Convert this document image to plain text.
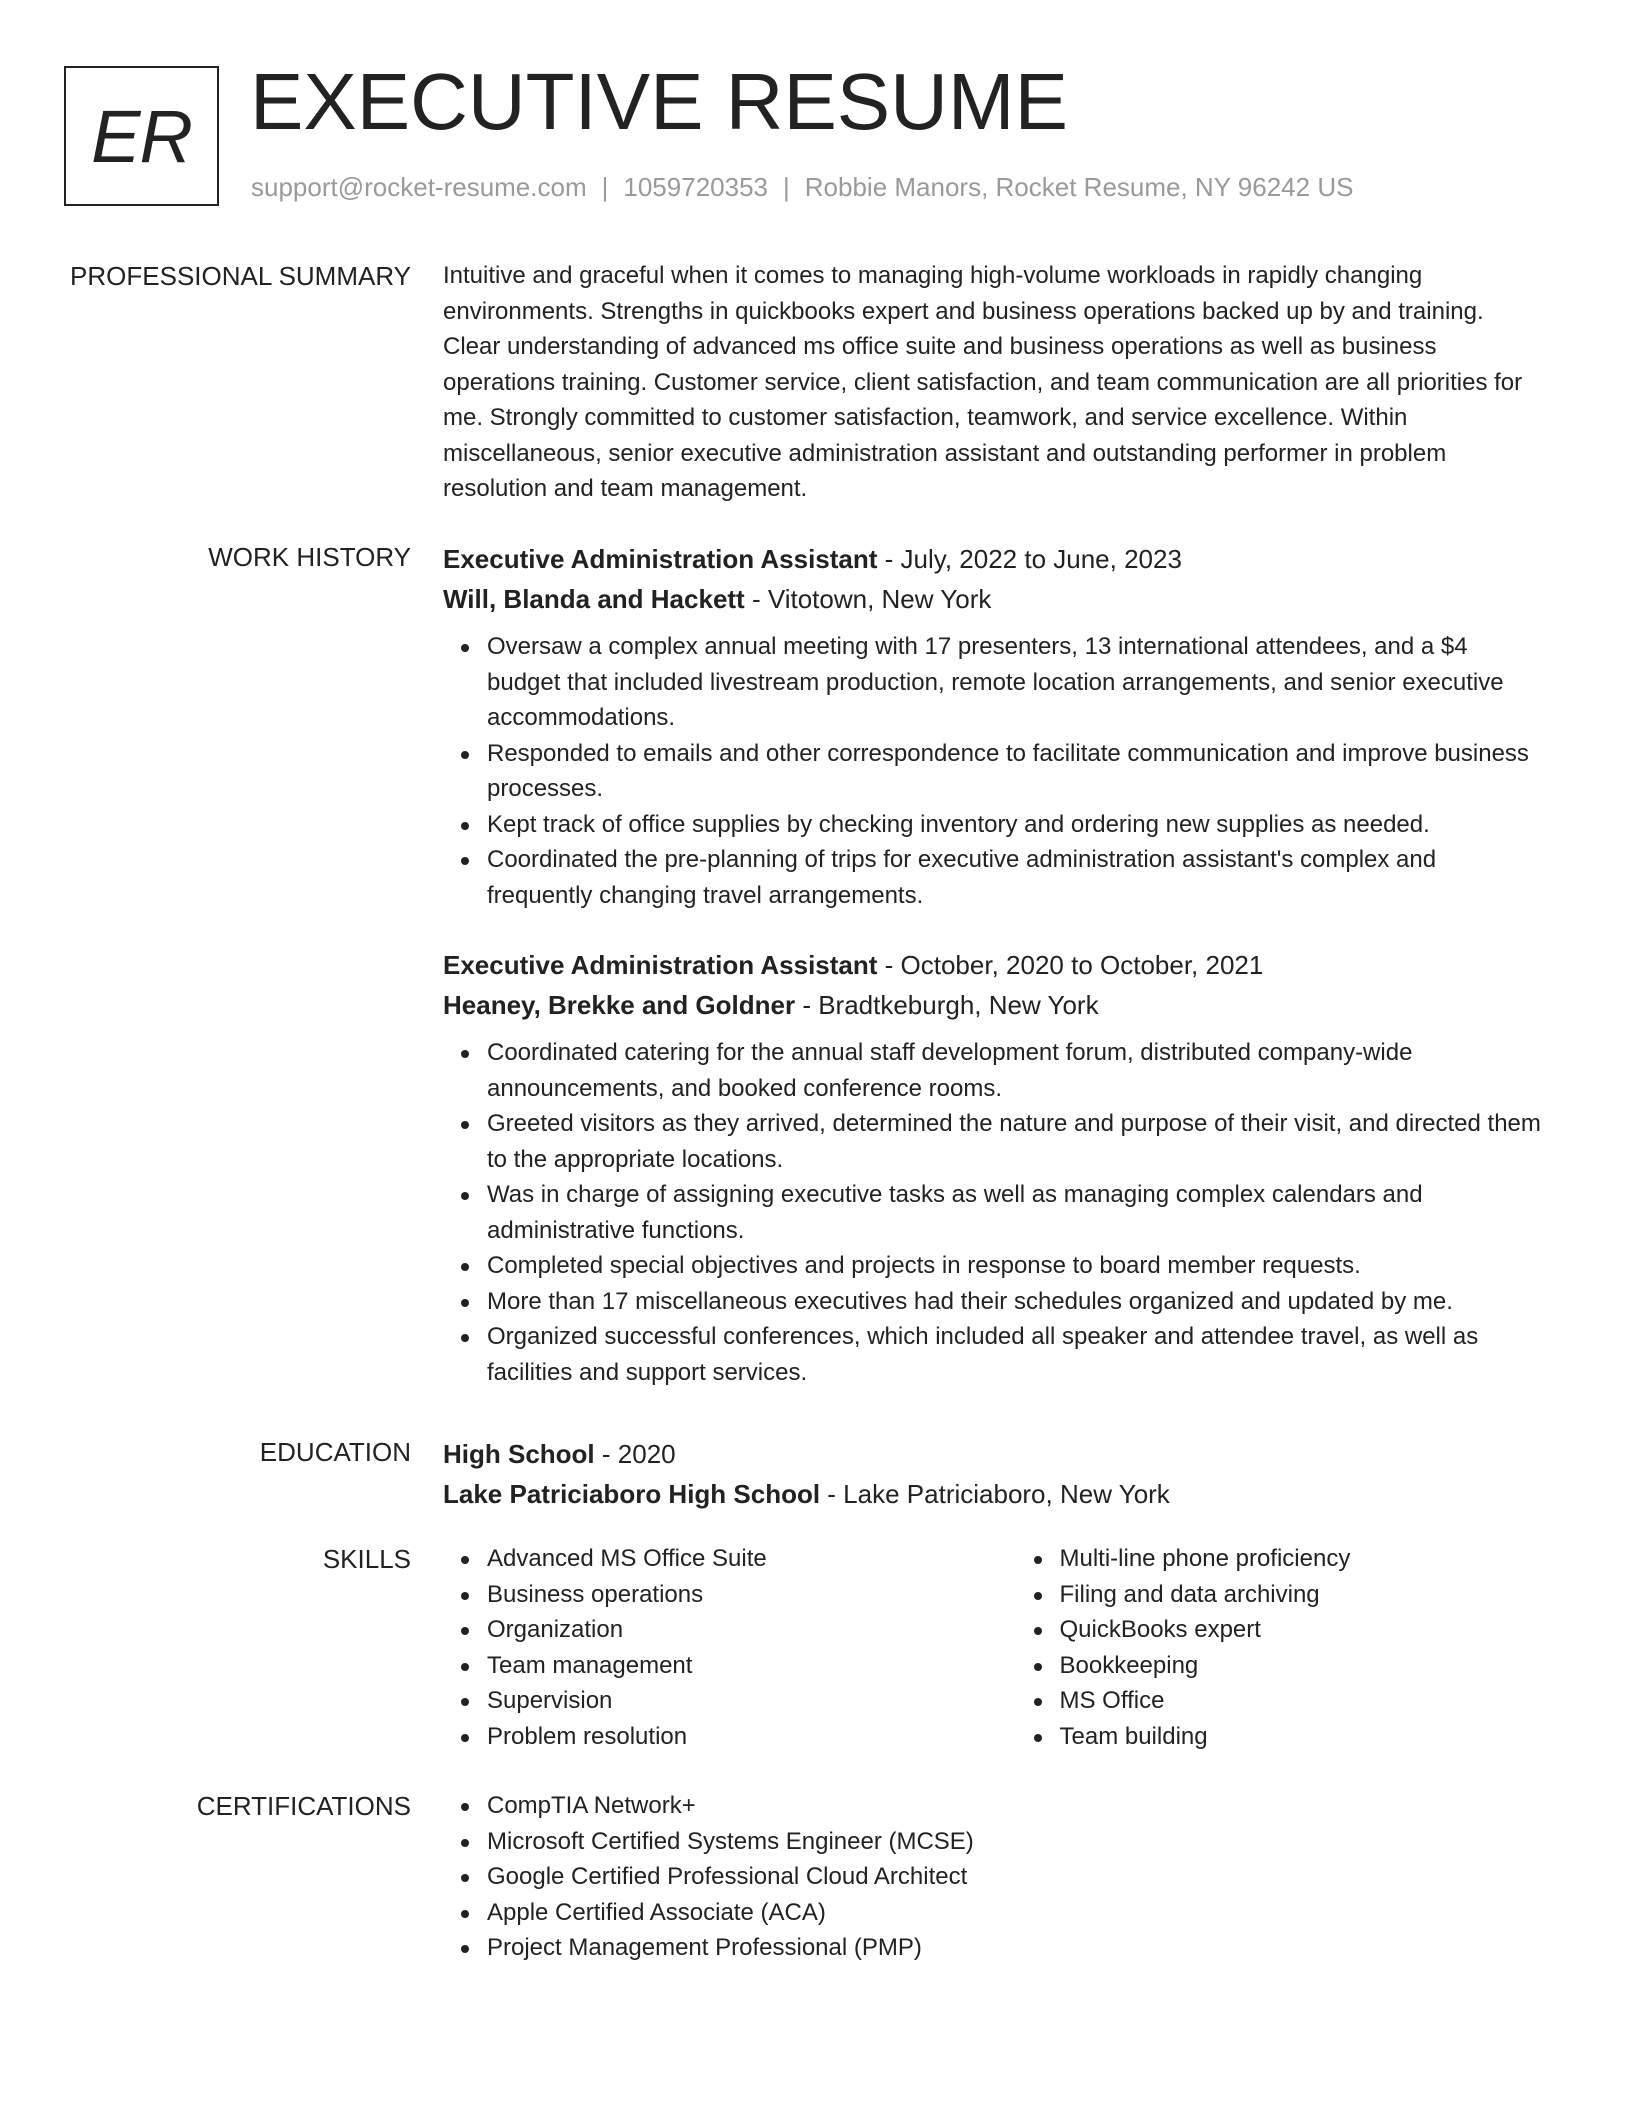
ER EXECUTIVE RESUME
support@rocket-resume.com | 1059720353 | Robbie Manors, Rocket Resume, NY 96242 US
PROFESSIONAL SUMMARY Intuitive and graceful when it comes to managing high-volume workloads in rapidly changing environments. Strengths in quickbooks expert and business operations backed up by and training. Clear understanding of advanced ms office suite and business operations as well as business operations training. Customer service, client satisfaction, and team communication are all priorities for me. Strongly committed to customer satisfaction, teamwork, and service excellence. Within miscellaneous, senior executive administration assistant and outstanding performer in problem resolution and team management.

WORK HISTORY Executive Administration Assistant - July, 2022 to June, 2023
Will, Blanda and Hackett - Vitotown, New York
Oversaw a complex annual meeting with 17 presenters, 13 international attendees, and a $4 budget that included livestream production, remote location arrangements, and senior executive accommodations.
Responded to emails and other correspondence to facilitate communication and improve business processes.
Kept track of office supplies by checking inventory and ordering new supplies as needed.
Coordinated the pre-planning of trips for executive administration assistant's complex and frequently changing travel arrangements.
Executive Administration Assistant - October, 2020 to October, 2021
Heaney, Brekke and Goldner - Bradtkeburgh, New York
Coordinated catering for the annual staff development forum, distributed company-wide announcements, and booked conference rooms.
Greeted visitors as they arrived, determined the nature and purpose of their visit, and directed them to the appropriate locations.
Was in charge of assigning executive tasks as well as managing complex calendars and administrative functions.
Completed special objectives and projects in response to board member requests.
More than 17 miscellaneous executives had their schedules organized and updated by me.
Organized successful conferences, which included all speaker and attendee travel, as well as facilities and support services.
EDUCATION High School - 2020
Lake Patriciaboro High School - Lake Patriciaboro, New York
SKILLS	Advanced MS Office Suite
Business operations
Organization
Team management
Supervision
Problem resolution
Multi-line phone proficiency
Filing and data archiving
QuickBooks expert
Bookkeeping
MS Office
Team building
CERTIFICATIONS	CompTIA Network+
Microsoft Certified Systems Engineer (MCSE)
Google Certified Professional Cloud Architect
Apple Certified Associate (ACA)
Project Management Professional (PMP)
